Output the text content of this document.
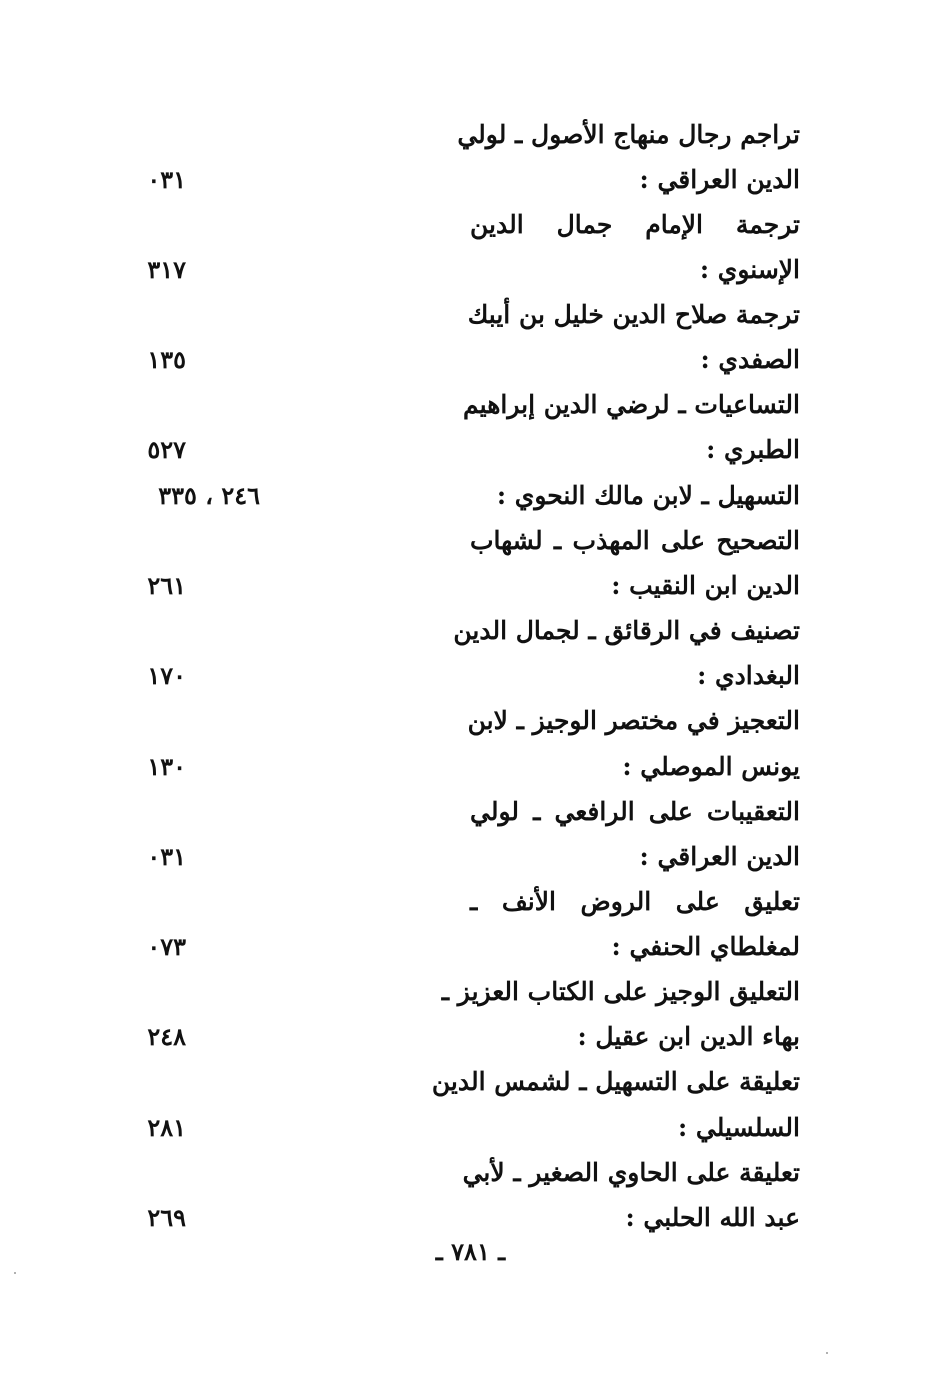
تراجم رجال منهاج الأصول ـ لولي
الدين العراقي :
٠٣١
ترجمة الإمام جمال الدين
الإسنوي :
٣١٧
ترجمة صلاح الدين خليل بن أيبك
الصفدي :
١٣٥
التساعيات ـ لرضي الدين إبراهيم
الطبري :
٥٢٧
التسهيل ـ لابن مالك النحوي :
٢٤٦ ، ٣٣٥
التصحيح على المهذب ـ لشهاب
الدين ابن النقيب :
٢٦١
تصنيف في الرقائق ـ لجمال الدين
البغدادي :
١٧٠
التعجيز في مختصر الوجيز ـ لابن
يونس الموصلي :
١٣٠
التعقيبات على الرافعي ـ لولي
الدين العراقي :
٠٣١
تعليق على الروض الأنف ـ
لمغلطاي الحنفي :
٠٧٣
التعليق الوجيز على الكتاب العزيز ـ
بهاء الدين ابن عقيل :
٢٤٨
تعليقة على التسهيل ـ لشمس الدين
السلسيلي :
٢٨١
تعليقة على الحاوي الصغير ـ لأبي
عبد الله الحلبي :
٢٦٩
ـ ٧٨١ ـ
